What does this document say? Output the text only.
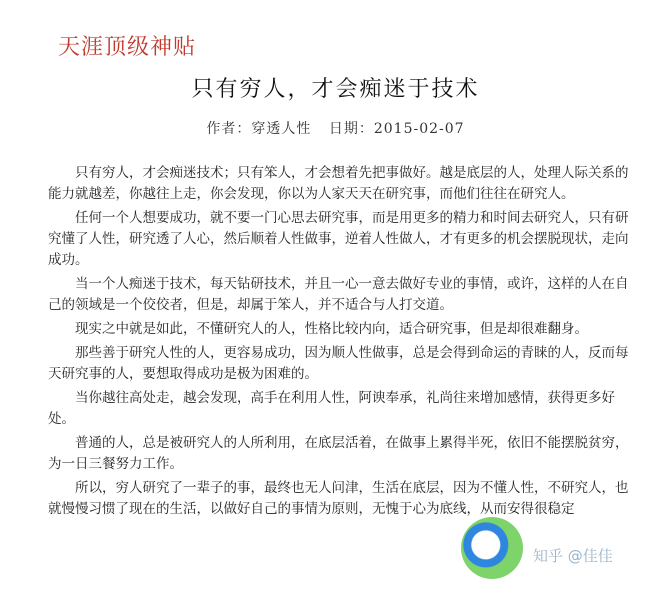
天涯顶级神贴
只有穷人，才会痴迷于技术
作者：穿透人性 日期：2015-02-07

只有穷人，才会痴迷技术；只有笨人，才会想着先把事做好。越是底层的人，处理人际关系的能力就越差，你越往上走，你会发现，你以为人家天天在研究事，而他们往往在研究人。

任何一个人想要成功，就不要一门心思去研究事，而是用更多的精力和时间去研究人，只有研究懂了人性，研究透了人心，然后顺着人性做事，逆着人性做人，才有更多的机会摆脱现状，走向成功。

当一个人痴迷于技术，每天钻研技术，并且一心一意去做好专业的事情，或许，这样的人在自己的领域是一个佼佼者，但是，却属于笨人，并不适合与人打交道。

现实之中就是如此，不懂研究人的人，性格比较内向，适合研究事，但是却很难翻身。

那些善于研究人性的人，更容易成功，因为顺人性做事，总是会得到命运的青睐的人，反而每天研究事的人，要想取得成功是极为困难的。

当你越往高处走，越会发现，高手在利用人性，阿谀奉承，礼尚往来增加感情，获得更多好处。

普通的人，总是被研究人的人所利用，在底层活着，在做事上累得半死，依旧不能摆脱贫穷，为一日三餐努力工作。

所以，穷人研究了一辈子的事，最终也无人问津，生活在底层，因为不懂人性，不研究人，也就慢慢习惯了现在的生活，以做好自己的事情为原则，无愧于心为底线，从而安得很稳定

知乎 @佳佳
